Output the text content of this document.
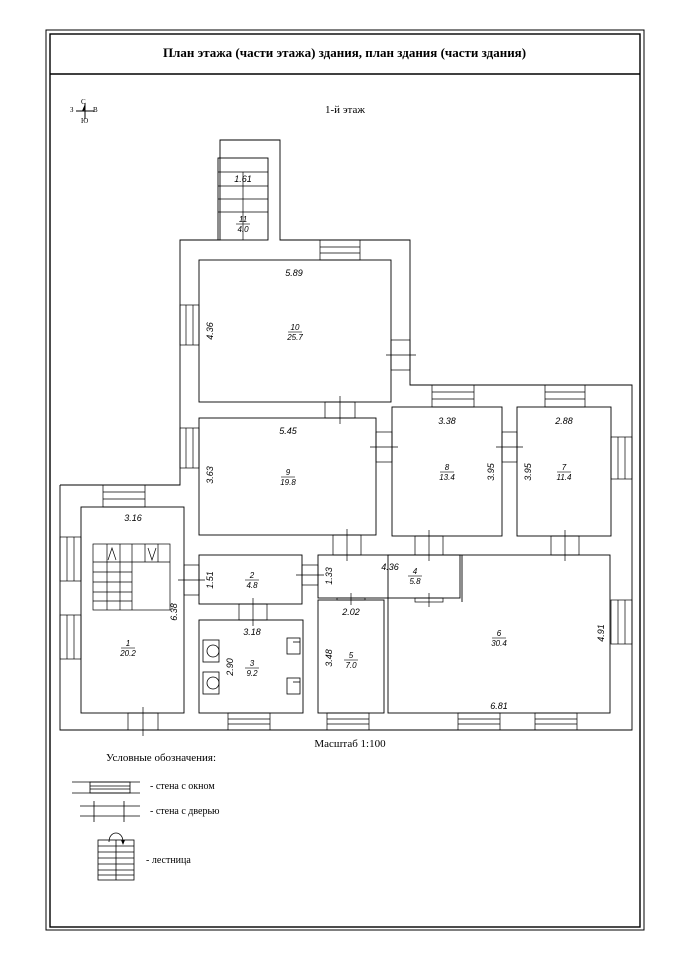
11
4.0
10
25.7
9
19.8
8
13.4
7
11.4
1
20.2
2
4.8
3
9.2
4
5.8
5
7.0
6
30.4
1.61
5.89
4.36
5.45
3.63
3.38
3.95
2.88
3.95
3.16
6.38
1.51
3.18
2.90
4.36
1.33
2.02
3.48
6.81
4.91
План этажа (части этажа) здания, план здания (части здания)
С
З	В
Ю
1-й этаж
Масштаб 1:100
Условные обозначения:
- стена с окном
- стена с дверью
- лестница
